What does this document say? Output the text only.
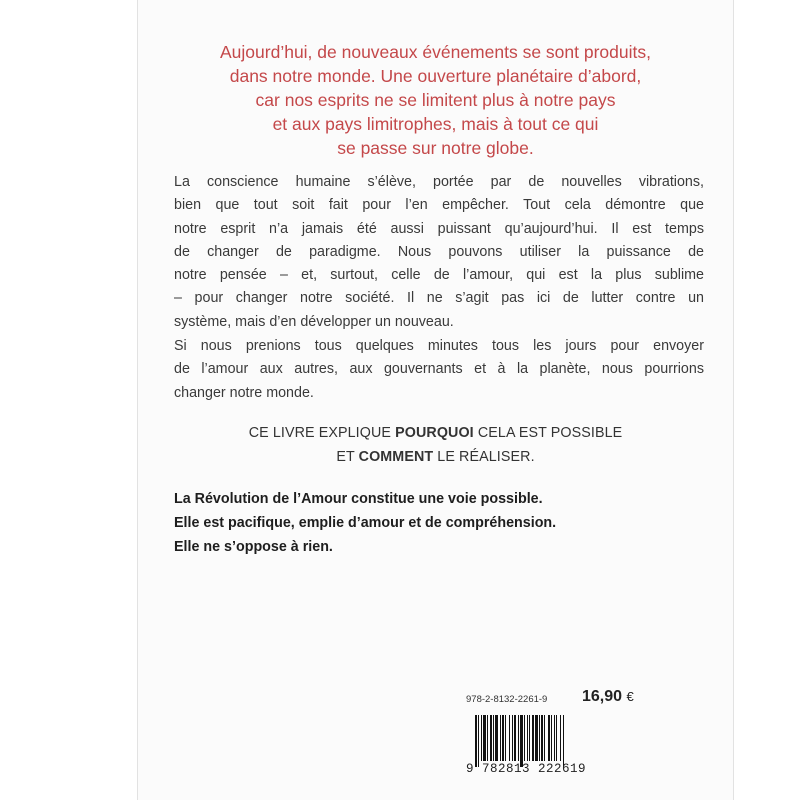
Aujourd’hui, de nouveaux événements se sont produits,
dans notre monde. Une ouverture planétaire d’abord,
car nos esprits ne se limitent plus à notre pays
et aux pays limitrophes, mais à tout ce qui
se passe sur notre globe.
La conscience humaine s’élève, portée par de nouvelles vibrations,
bien que tout soit fait pour l’en empêcher. Tout cela démontre que
notre esprit n’a jamais été aussi puissant qu’aujourd’hui. Il est temps
de changer de paradigme. Nous pouvons utiliser la puissance de
notre pensée – et, surtout, celle de l’amour, qui est la plus sublime
– pour changer notre société. Il ne s’agit pas ici de lutter contre un
système, mais d’en développer un nouveau.
Si nous prenions tous quelques minutes tous les jours pour envoyer
de l’amour aux autres, aux gouvernants et à la planète, nous pourrions
changer notre monde.
CE LIVRE EXPLIQUE POURQUOI CELA EST POSSIBLE
ET COMMENT LE RÉALISER.
La Révolution de l’Amour constitue une voie possible.
Elle est pacifique, emplie d’amour et de compréhension.
Elle ne s’oppose à rien.
978-2-8132-2261-9 16,90 €
9 782813 222619
